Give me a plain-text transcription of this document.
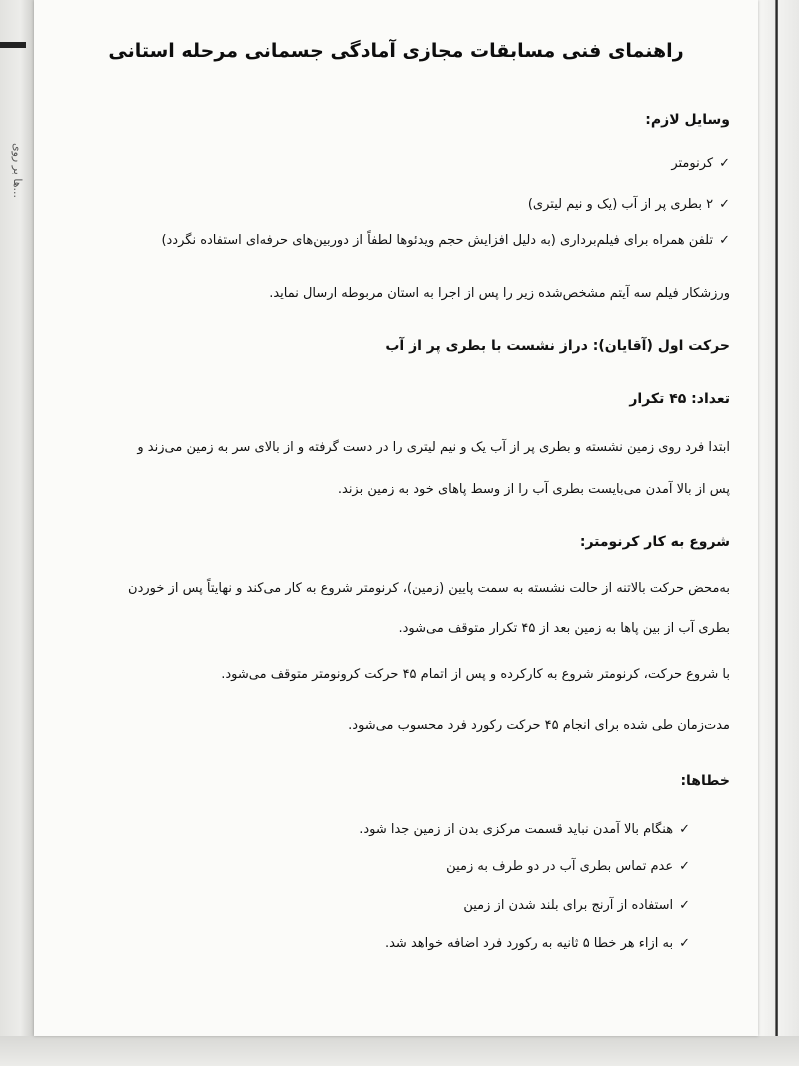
...ها بر روی
راهنمای فنی مسابقات مجازی آمادگی جسمانی مرحله استانی
وسایل لازم:
✓کرنومتر
✓۲ بطری پر از آب (یک و نیم لیتری)
✓تلفن همراه برای فیلم‌برداری (به دلیل افزایش حجم ویدئوها لطفاً از دوربین‌های حرفه‌ای استفاده نگردد)
ورزشکار فیلم سه آیتم مشخص‌شده زیر را پس از اجرا به استان مربوطه ارسال نماید.
حرکت اول (آقایان): دراز نشست با بطری پر از آب
تعداد: ۴۵ تکرار
ابتدا فرد روی زمین نشسته و بطری پر از آب یک و نیم لیتری را در دست گرفته و از بالای سر به زمین می‌زند و
پس از بالا آمدن می‌بایست بطری آب را از وسط پاهای خود به زمین بزند.
شروع به کار کرنومتر:
به‌محض حرکت بالاتنه از حالت نشسته به سمت پایین (زمین)، کرنومتر شروع به کار می‌کند و نهایتاً پس از خوردن
بطری آب از بین پاها به زمین بعد از ۴۵ تکرار متوقف می‌شود.
با شروع حرکت، کرنومتر شروع به کارکرده و پس از اتمام ۴۵ حرکت کرونومتر متوقف می‌شود.
مدت‌زمان طی شده برای انجام ۴۵ حرکت رکورد فرد محسوب می‌شود.
خطاها:
✓هنگام بالا آمدن نباید قسمت مرکزی بدن از زمین جدا شود.
✓عدم تماس بطری آب در دو طرف به زمین
✓استفاده از آرنج برای بلند شدن از زمین
✓به ازاء هر خطا ۵ ثانیه به رکورد فرد اضافه خواهد شد.
